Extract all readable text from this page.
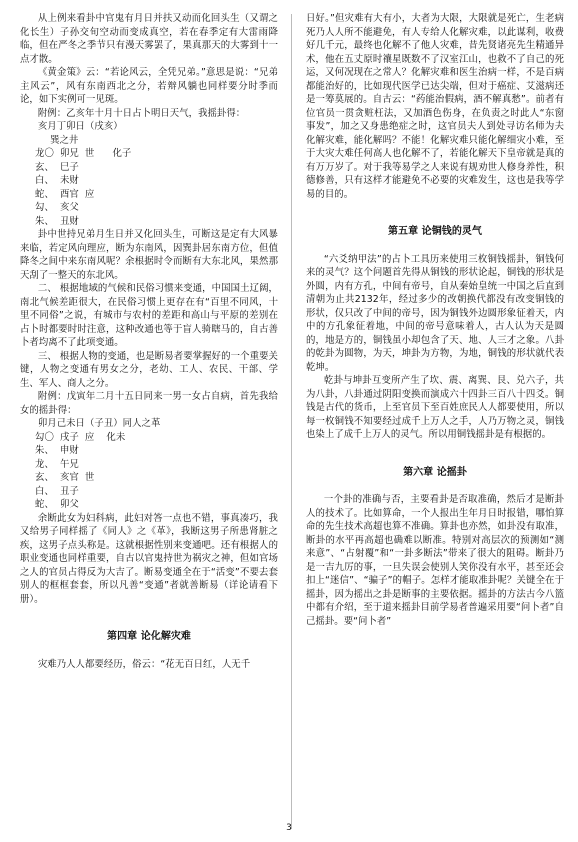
从上例来看卦中官鬼有月日并扶又动而化回头生（又谓之化长生）子孙交旬空动而变成真空，若在春季定有大雷雨降临，但在严冬之季节只有漫天雾罢了，果真那天的大雾到十一点才散。

《黄金策》云：“若论风云，全凭兄弟。”意思是说：“兄弟主风云”，风有东南西北之分，若辩风躺也同样要分时季而论，如下实例可一见斑。

附例：乙亥年十月十日占卜明日天气，我摇卦得：

亥月丁卯日（戌亥）

巽之井

龙〇  卯兄  世      化子

玄、  巳子

白、  未财

蛇、  酉官  应

勾、  亥父

朱、  丑财

卦中世持兄弟月生日并又化回头生，可断这是定有大风暴来临，若定风向理应，断为东南风，因巽卦居东南方位，但值降冬之间中来东南风呢？余根据时令而断有大东北风，果然那天刮了一整天的东北风。

二、 根据地域的气候和民俗习惯来变通，中国国土辽阔，南北气候差距很大，在民俗习惯上更存在有“百里不同风，十里不同俗”之说，有城市与农村的差距和高山与平原的差别在占卜时都要时时注意，这种改通也等于盲人骑瞎马的，自古善卜者均离不了此项变通。

三、 根据人物的变通，也是断易者要掌握好的一个重要关键，人物之变通有男女之分，老幼、工人、农民、干部、学生、军人、商人之分。

附例：戊寅年二月十五日同来一男一女占自病，首先我给女的摇卦得：

卯月己未日（子丑）同人之革

勾〇  戌子  应    化未

朱、  申财

龙、  午兄

玄、  亥官  世

白、  丑子

蛇、  卯父

余断此女为妇科病，此妇对答一点也不错，事真凑巧，我又给男子同样摇了《同人》之《革》，我断这男子所患肾脏之疾，这男子点头称是。这就根据性别来变通吧。还有根据人的职业变通也同样重要，自古以官鬼持世为祸灾之神，但如官场之人的官员占得反为大吉了。断易变通全在于“活变”不要去套别人的框框套套，所以凡善“变通”者就善断易（详论请看下册）。

第四章 论化解灾难

灾难乃人人都要经历，俗云：“花无百日红，人无千

日好。”但灾难有大有小，大者为大限，大限就是死亡，生老病死乃人人所不能避免，有人专给人化解灾难，以此谋利，收费好几千元，最终也化解不了他人灾难，昔先贤诸亮先生精通异术，他在五丈原时禳星既数不了汉室江山，也救不了自己的死运，又何况现在之常人？化解灾难和医生治病一样，不是百病都能治好的，比如现代医学已达尖端，但对于癌症、艾滋病还是一筹莫展的。自古云：“药能治假病，酒不解真愁”。前者有位官员一贯贪赃枉法，又加酒色伤身，在负责之时此人“东窗事发”，加之又身患绝症之时，这官员夫人到处寻访名师为夫化解灾难，能化解吗？不能！化解灾难只能化解细灾小难，至于大灾大难任何高人也化解不了，若能化解天下皇帝就是真的有万万岁了。对于我等易学之人来说有规劝世人修身养性，积德修善，只有这样才能避免不必要的灾难发生，这也是我等学易的目的。

第五章 论铜钱的灵气

“六爻纳甲法”的占卜工具历来使用三枚铜钱摇卦，铜钱何来的灵气？这个问题首先得从铜钱的形状论起，铜钱的形状是外圆，内有方孔，中间有帝号，自从秦始皇统一中国之后直到清朝为止共2132年，经过多少的改朝换代都没有改变铜钱的形状，仅只改了中间的帝号，因为铜钱外边圆形象征着天，内中的方孔象征着地，中间的帝号意味着人，古人认为天是圆的，地是方的，铜钱虽小却包含了天、地、人三才之象。八卦的乾卦为圆物，为天，坤卦为方物，为地，铜钱的形状就代表乾坤。

乾卦与坤卦互变所产生了坎、震、离巽、艮、兑六子，共为八卦，八卦通过阴阳变换而演成六十四卦三百八十四爻。铜钱是古代的货币，上至官员下至百姓庶民人人都要使用，所以每一枚铜钱不知要经过成千上万人之手，人乃万物之灵，铜钱也染上了成千上万人的灵气。所以用铜钱摇卦是有根据的。

第六章 论摇卦

一个卦的准确与否，主要看卦是否取准确，然后才是断卦人的技术了。比如算命，一个人报出生年月日时报错，哪怕算命的先生技术高超也算不准确。算卦也亦然，如卦没有取准，断卦的水平再高超也确难以断准。特别对高层次的预测如“测来意”、“占射覆”和“一卦多断法”带来了很大的阻碍。断卦乃是一吉九厉的事，一旦失误会使别人笑你没有水平，甚至还会扣上“迷信”、“骗子”的帽子。怎样才能取准卦呢？关键全在于摇卦，因为摇出之卦是断事的主要依据。摇卦的方法古今八篮中都有介绍，至于道来摇卦目前学易者普遍采用要“问卜者”自己摇卦。要“问卜者”

3
